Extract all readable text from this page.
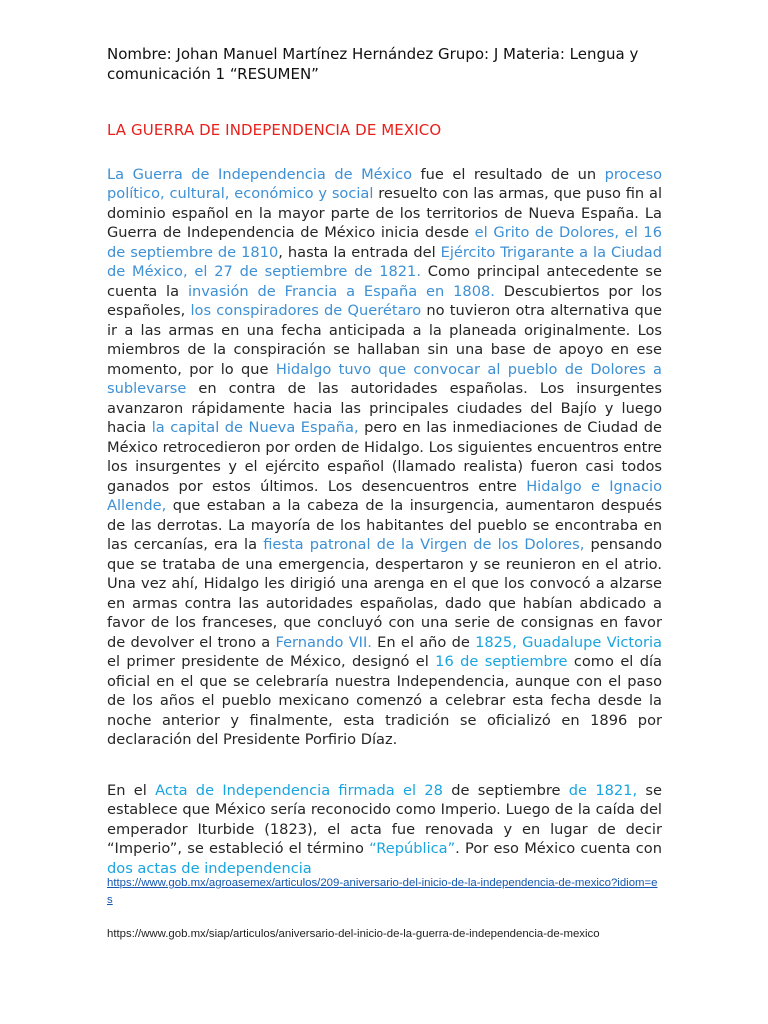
Nombre: Johan Manuel Martínez Hernández Grupo: J Materia: Lengua y comunicación 1 “RESUMEN”
LA GUERRA DE INDEPENDENCIA DE MEXICO

La Guerra de Independencia de México fue el resultado de un proceso político, cultural, económico y social resuelto con las armas, que puso fin al dominio español en la mayor parte de los territorios de Nueva España. La Guerra de Independencia de México inicia desde el Grito de Dolores, el 16 de septiembre de 1810, hasta la entrada del Ejército Trigarante a la Ciudad de México, el 27 de septiembre de 1821. Como principal antecedente se cuenta la invasión de Francia a España en 1808. Descubiertos por los españoles, los conspiradores de Querétaro no tuvieron otra alternativa que ir a las armas en una fecha anticipada a la planeada originalmente. Los miembros de la conspiración se hallaban sin una base de apoyo en ese momento, por lo que Hidalgo tuvo que convocar al pueblo de Dolores a sublevarse en contra de las autoridades españolas. Los insurgentes avanzaron rápidamente hacia las principales ciudades del Bajío y luego hacia la capital de Nueva España, pero en las inmediaciones de Ciudad de México retrocedieron por orden de Hidalgo. Los siguientes encuentros entre los insurgentes y el ejército español (llamado realista) fueron casi todos ganados por estos últimos. Los desencuentros entre Hidalgo e Ignacio Allende, que estaban a la cabeza de la insurgencia, aumentaron después de las derrotas. La mayoría de los habitantes del pueblo se encontraba en las cercanías, era la fiesta patronal de la Virgen de los Dolores, pensando que se trataba de una emergencia, despertaron y se reunieron en el atrio. Una vez ahí, Hidalgo les dirigió una arenga en el que los convocó a alzarse en armas contra las autoridades españolas, dado que habían abdicado a favor de los franceses, que concluyó con una serie de consignas en favor de devolver el trono a Fernando VII. En el año de 1825, Guadalupe Victoria el primer presidente de México, designó el 16 de septiembre como el día oficial en el que se celebraría nuestra Independencia, aunque con el paso de los años el pueblo mexicano comenzó a celebrar esta fecha desde la noche anterior y finalmente, esta tradición se oficializó en 1896 por declaración del Presidente Porfirio Díaz.

En el Acta de Independencia firmada el 28 de septiembre de 1821, se establece que México sería reconocido como Imperio. Luego de la caída del emperador Iturbide (1823), el acta fue renovada y en lugar de decir “Imperio”, se estableció el término “República”. Por eso México cuenta con dos actas de independencia

https://www.gob.mx/agroasemex/articulos/209-aniversario-del-inicio-de-la-independencia-de-mexico?idiom=es
https://www.gob.mx/siap/articulos/aniversario-del-inicio-de-la-guerra-de-independencia-de-mexico
